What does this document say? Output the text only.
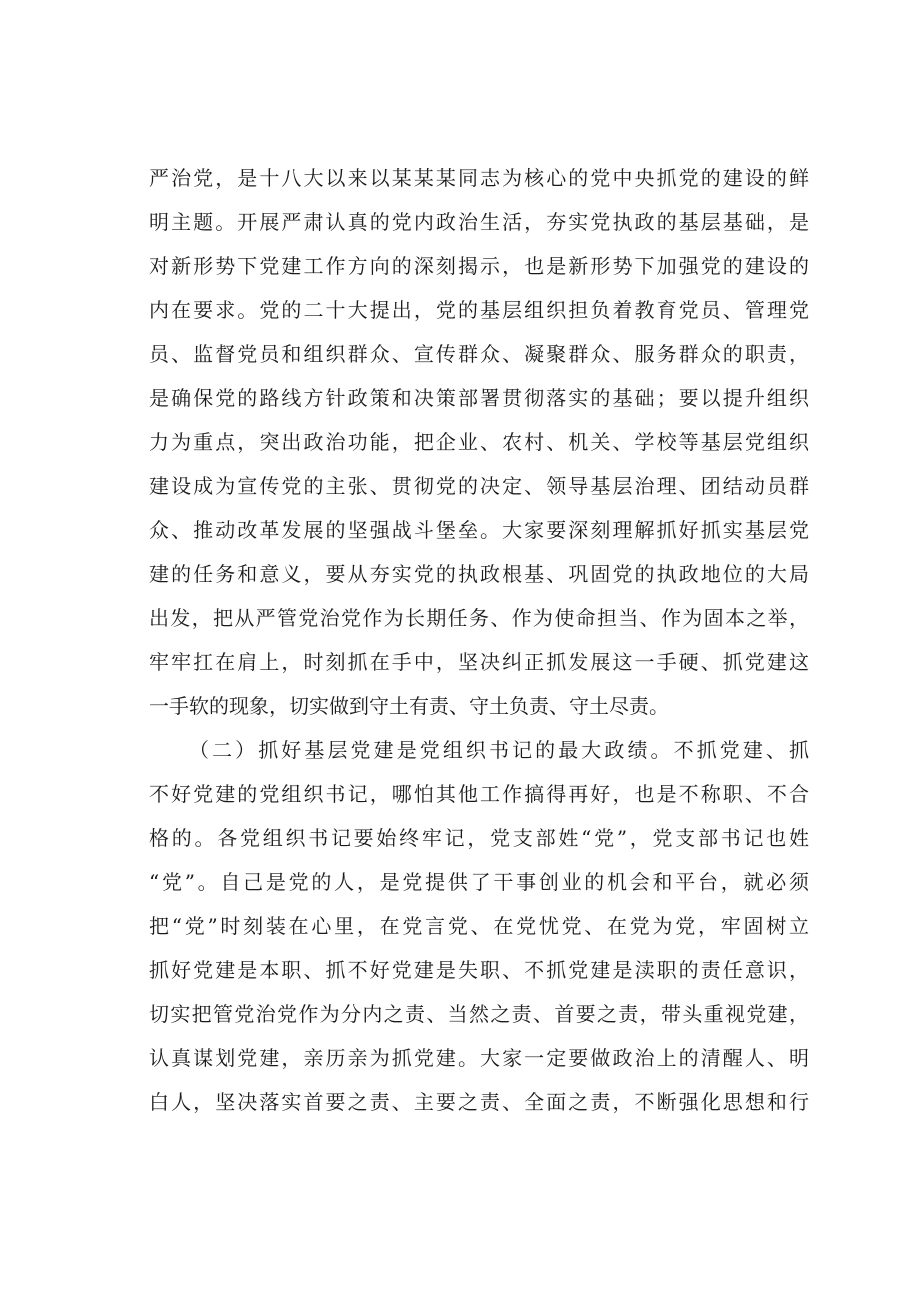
严治党，是十八大以来以某某某同志为核心的党中央抓党的建设的鲜
明主题。开展严肃认真的党内政治生活，夯实党执政的基层基础，是
对新形势下党建工作方向的深刻揭示，也是新形势下加强党的建设的
内在要求。党的二十大提出，党的基层组织担负着教育党员、管理党
员、监督党员和组织群众、宣传群众、凝聚群众、服务群众的职责，
是确保党的路线方针政策和决策部署贯彻落实的基础；要以提升组织
力为重点，突出政治功能，把企业、农村、机关、学校等基层党组织
建设成为宣传党的主张、贯彻党的决定、领导基层治理、团结动员群
众、推动改革发展的坚强战斗堡垒。大家要深刻理解抓好抓实基层党
建的任务和意义，要从夯实党的执政根基、巩固党的执政地位的大局
出发，把从严管党治党作为长期任务、作为使命担当、作为固本之举，
牢牢扛在肩上，时刻抓在手中，坚决纠正抓发展这一手硬、抓党建这
一手软的现象，切实做到守土有责、守土负责、守土尽责。
（二）抓好基层党建是党组织书记的最大政绩。不抓党建、抓
不好党建的党组织书记，哪怕其他工作搞得再好，也是不称职、不合
格的。各党组织书记要始终牢记，党支部姓“党”，党支部书记也姓
“党”。自己是党的人，是党提供了干事创业的机会和平台，就必须
把“党”时刻装在心里，在党言党、在党忧党、在党为党，牢固树立
抓好党建是本职、抓不好党建是失职、不抓党建是渎职的责任意识，
切实把管党治党作为分内之责、当然之责、首要之责，带头重视党建，
认真谋划党建，亲历亲为抓党建。大家一定要做政治上的清醒人、明
白人，坚决落实首要之责、主要之责、全面之责，不断强化思想和行
